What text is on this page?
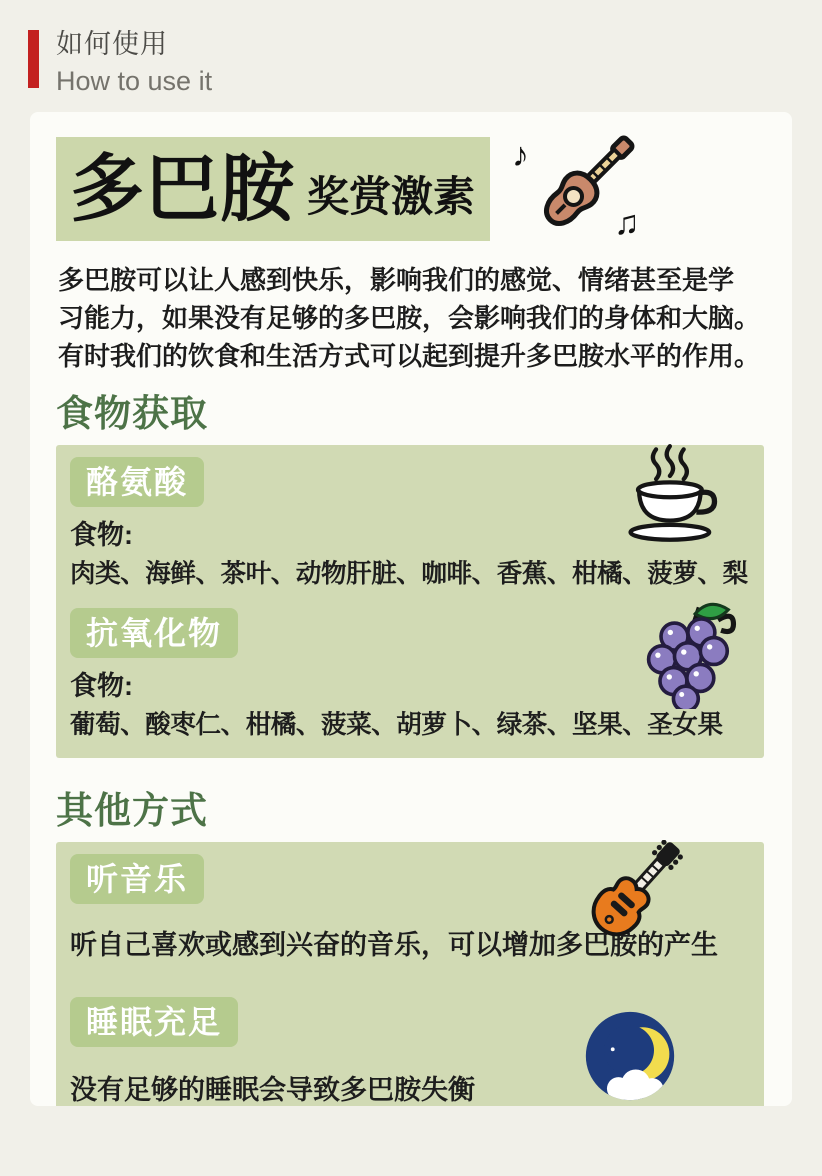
如何使用
How to use it
多巴胺 奖赏激素
♪
♫
多巴胺可以让人感到快乐，影响我们的感觉、情绪甚至是学
习能力，如果没有足够的多巴胺，会影响我们的身体和大脑。
有时我们的饮食和生活方式可以起到提升多巴胺水平的作用。
食物获取
酪氨酸
食物:
肉类、海鲜、茶叶、动物肝脏、咖啡、香蕉、柑橘、菠萝、梨
抗氧化物
食物:
葡萄、酸枣仁、柑橘、菠菜、胡萝卜、绿茶、坚果、圣女果
其他方式
听音乐
听自己喜欢或感到兴奋的音乐，可以增加多巴胺的产生
睡眠充足
没有足够的睡眠会导致多巴胺失衡
